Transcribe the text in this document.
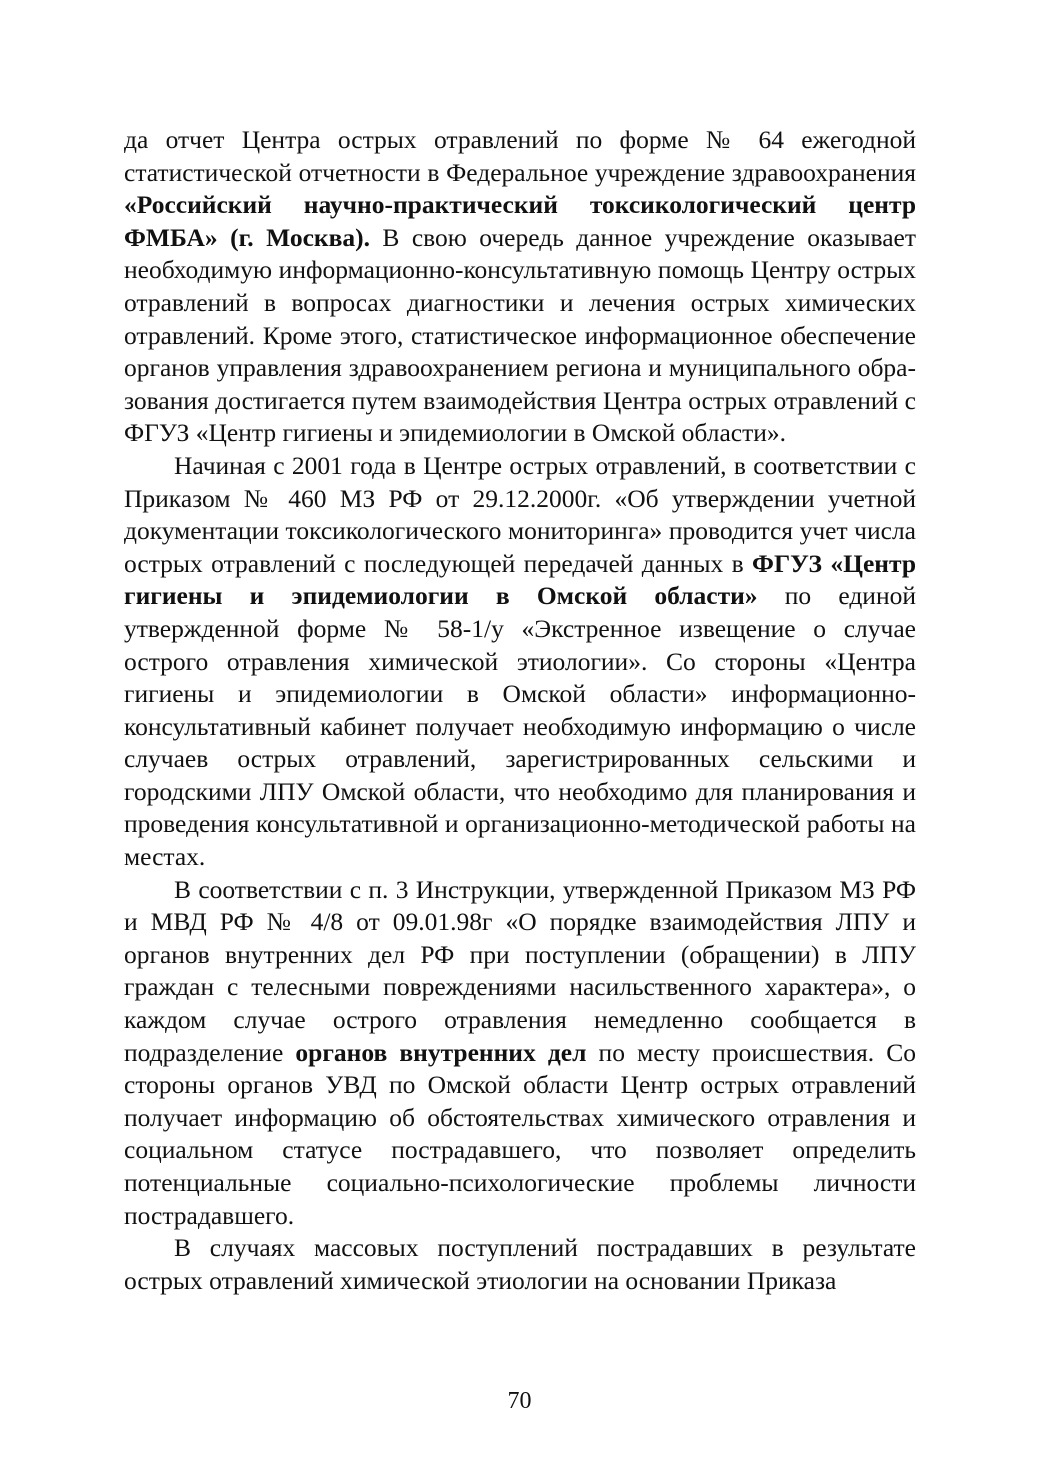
да отчет Центра острых отравлений по форме № 64 ежегодной статистической отчетности в Федеральное учреждение здравоохранения «Российский научно-практический токсикологический центр ФМБА» (г. Москва). В свою очередь данное учреждение оказывает необходимую информационно-консультативную помощь Центру острых отравлений в вопросах диагностики и лечения острых химических отравлений. Кроме этого, статистическое информационное обеспечение органов управления здравоохранением региона и муниципального образования достигается путем взаимодействия Центра острых отравлений с ФГУЗ «Центр гигиены и эпидемиологии в Омской области».

Начиная с 2001 года в Центре острых отравлений, в соответствии с Приказом № 460 МЗ РФ от 29.12.2000г. «Об утверждении учетной документации токсикологического мониторинга» проводится учет числа острых отравлений с последующей передачей данных в ФГУЗ «Центр гигиены и эпидемиологии в Омской области» по единой утвержденной форме № 58-1/у «Экстренное извещение о случае острого отравления химической этиологии». Со стороны «Центра гигиены и эпидемиологии в Омской области» информационно-консультативный кабинет получает необходимую информацию о числе случаев острых отравлений, зарегистрированных сельскими и городскими ЛПУ Омской области, что необходимо для планирования и проведения консультативной и организационно-методической работы на местах.

В соответствии с п. 3 Инструкции, утвержденной Приказом МЗ РФ и МВД РФ № 4/8 от 09.01.98г «О порядке взаимодействия ЛПУ и органов внутренних дел РФ при поступлении (обращении) в ЛПУ граждан с телесными повреждениями насильственного характера», о каждом случае острого отравления немедленно сообщается в подразделение органов внутренних дел по месту происшествия. Со стороны органов УВД по Омской области Центр острых отравлений получает информацию об обстоятельствах химического отравления и социальном статусе пострадавшего, что позволяет определить потенциальные социально-психологические проблемы личности пострадавшего.

В случаях массовых поступлений пострадавших в результате острых отравлений химической этиологии на основании Приказа

70
